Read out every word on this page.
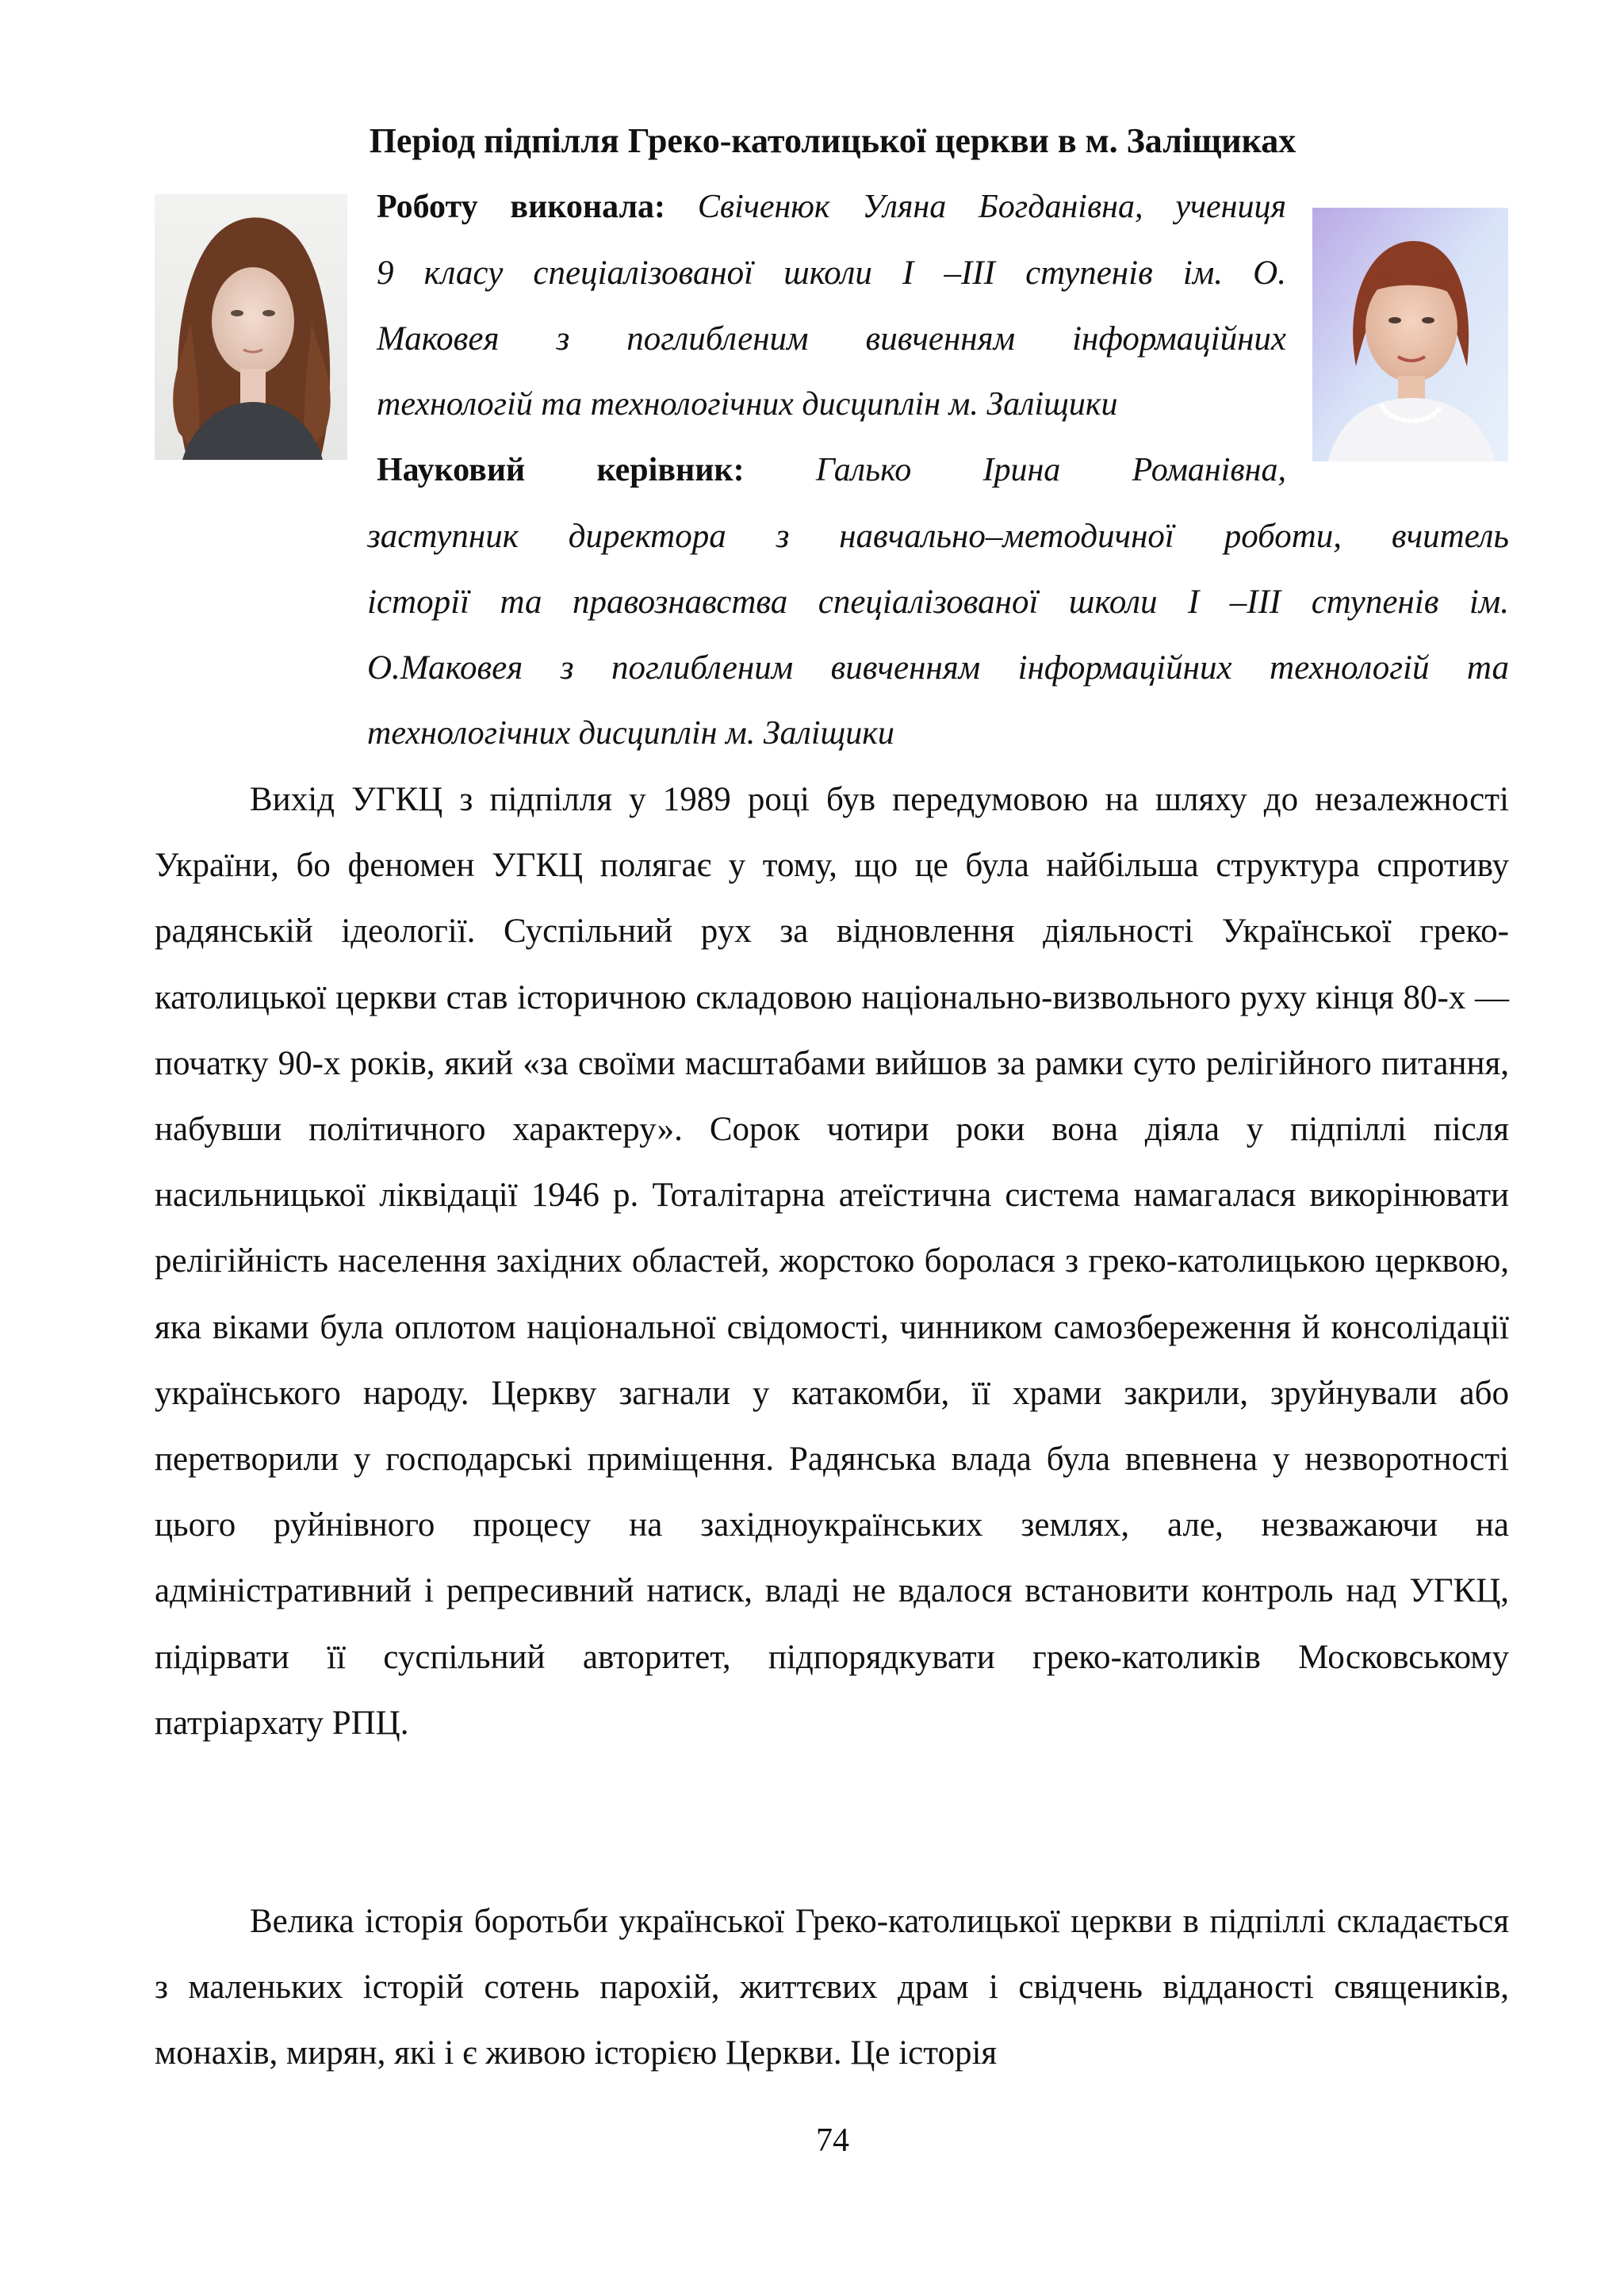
Період підпілля Греко-католицької церкви в м. Заліщиках
Роботу виконала: Свіченюк Уляна Богданівна, учениця
9 класу спеціалізованої школи І –ІІІ ступенів ім. О.
Маковея з поглибленим вивченням інформаційних
технологій та технологічних дисциплін м. Заліщики
Науковий керівник: Галько Ірина Романівна,
заступник директора з навчально–методичної роботи, вчитель
історії та правознавства спеціалізованої школи І –ІІІ ступенів ім.
О.Маковея з поглибленим вивченням інформаційних технологій та
технологічних дисциплін м. Заліщики

Вихід УГКЦ з підпілля у 1989 році був передумовою на шляху до незалежності України, бо феномен УГКЦ полягає у тому, що це була найбільша структура спротиву радянській ідеології. Суспільний рух за відновлення діяльності Української греко-католицької церкви став історичною складовою національно-визвольного руху кінця 80-х — початку 90-х років, який «за своїми масштабами вийшов за рамки суто релігійного питання, набувши політичного характеру». Сорок чотири роки вона діяла у підпіллі після насильницької ліквідації 1946 р. Тоталітарна атеїстична система намагалася викорінювати релігійність населення західних областей, жорстоко боролася з греко-католицькою церквою, яка віками була оплотом національної свідомості, чинником самозбереження й консолідації українського народу. Церкву загнали у катакомби, її храми закрили, зруйнували або перетворили у господарські приміщення. Радянська влада була впевнена у незворотності цього руйнівного процесу на західноукраїнських землях, але, незважаючи на адміністративний і репресивний натиск, владі не вдалося встановити контроль над УГКЦ, підірвати її суспільний авторитет, підпорядкувати греко-католиків Московському патріархату РПЦ.

Велика історія боротьби української Греко-католицької церкви в підпіллі складається з маленьких історій сотень парохій, життєвих драм і свідчень відданості священиків, монахів, мирян, які і є живою історією Церкви. Це історія

74
